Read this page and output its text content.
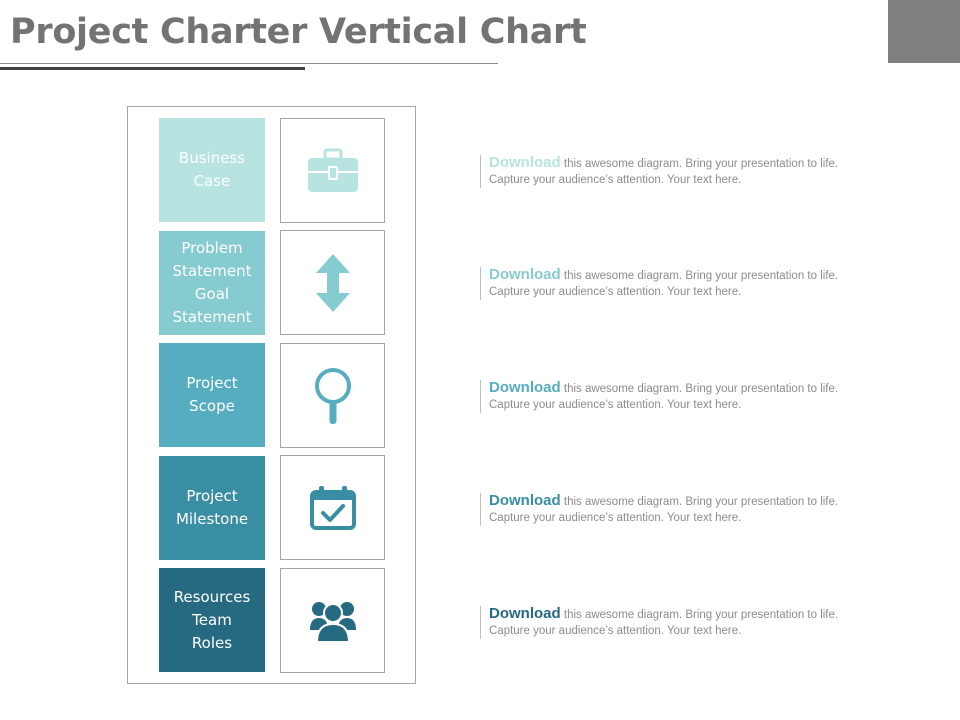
Project Charter Vertical Chart
Business
Case
Download this awesome diagram. Bring your presentation to life. Capture your audience’s attention. Your text here.
Problem
Statement
Goal
Statement
Download this awesome diagram. Bring your presentation to life. Capture your audience’s attention. Your text here.
Project
Scope
Download this awesome diagram. Bring your presentation to life. Capture your audience’s attention. Your text here.
Project
Milestone
Download this awesome diagram. Bring your presentation to life. Capture your audience’s attention. Your text here.
Resources
Team
Roles
Download this awesome diagram. Bring your presentation to life. Capture your audience’s attention. Your text here.
